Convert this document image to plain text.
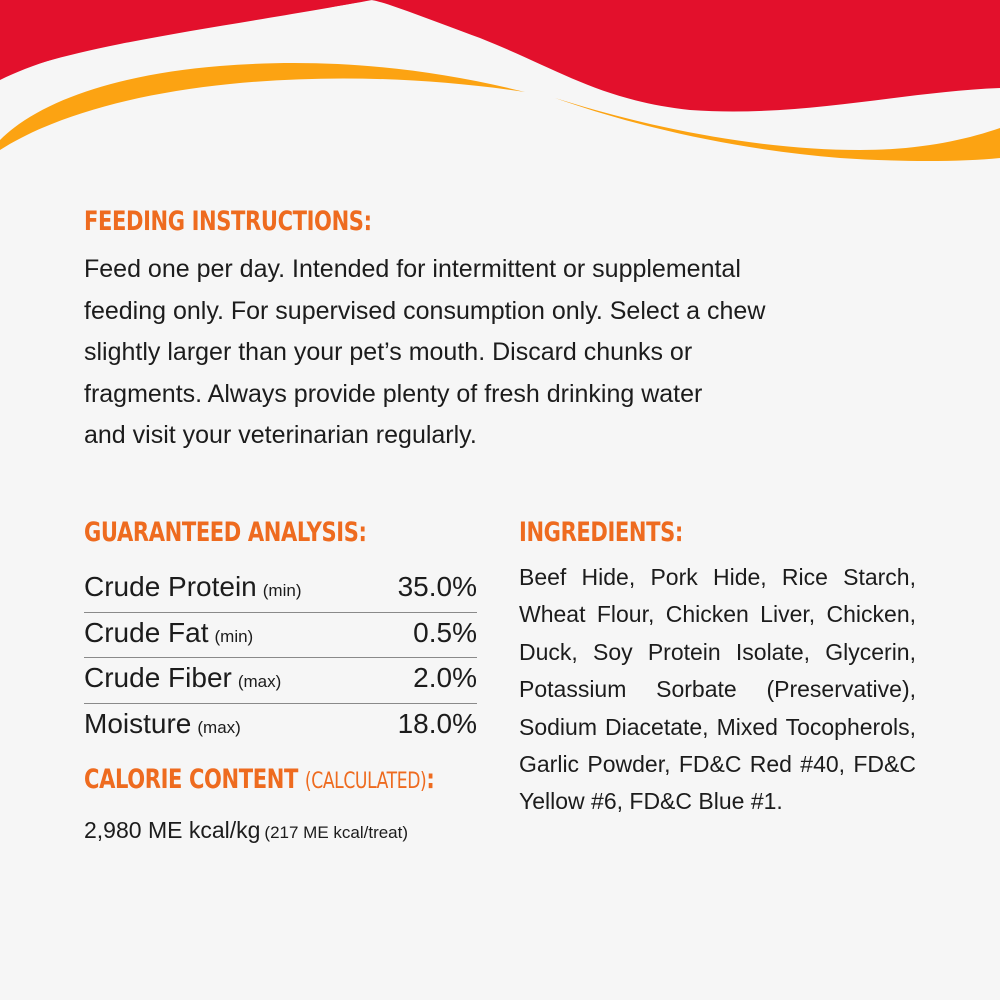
FEEDING INSTRUCTIONS:

Feed one per day. Intended for intermittent or supplemental
feeding only. For supervised consumption only. Select a chew
slightly larger than your pet’s mouth. Discard chunks or
fragments. Always provide plenty of fresh drinking water
and visit your veterinarian regularly.

GUARANTEED ANALYSIS:
Crude Protein (min)	35.0%
Crude Fat (min)	0.5%
Crude Fiber (max)	2.0%
Moisture (max)	18.0%
CALORIE CONTENT (CALCULATED):
2,980 ME kcal/kg (217 ME kcal/treat)
INGREDIENTS:

Beef Hide, Pork Hide, Rice Starch, Wheat Flour, Chicken Liver, Chicken, Duck, Soy Protein Isolate, Glycerin, Potassium Sorbate (Preservative), Sodium Diacetate, Mixed Tocopherols, Garlic Powder, FD&C Red #40, FD&C Yellow #6, FD&C Blue #1.
